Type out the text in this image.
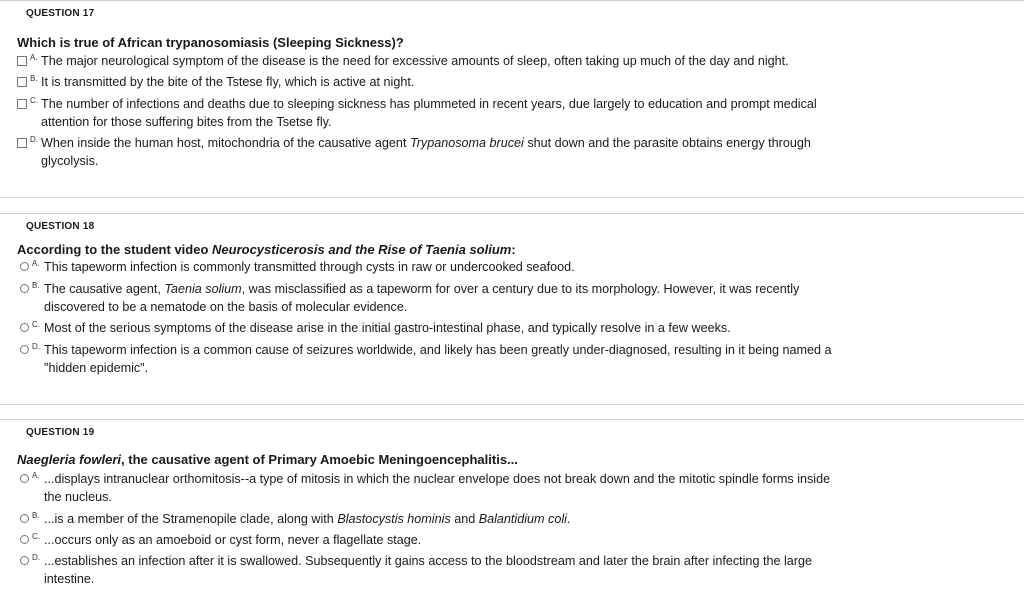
QUESTION 17
Which is true of African trypanosomiasis (Sleeping Sickness)?
A. The major neurological symptom of the disease is the need for excessive amounts of sleep, often taking up much of the day and night.
B. It is transmitted by the bite of the Tstese fly, which is active at night.
C. The number of infections and deaths due to sleeping sickness has plummeted in recent years, due largely to education and prompt medical
attention for those suffering bites from the Tsetse fly.
D. When inside the human host, mitochondria of the causative agent Trypanosoma brucei shut down and the parasite obtains energy through
glycolysis.
QUESTION 18
According to the student video Neurocysticerosis and the Rise of Taenia solium:
A. This tapeworm infection is commonly transmitted through cysts in raw or undercooked seafood.
B. The causative agent, Taenia solium, was misclassified as a tapeworm for over a century due to its morphology. However, it was recently
discovered to be a nematode on the basis of molecular evidence.
C. Most of the serious symptoms of the disease arise in the initial gastro-intestinal phase, and typically resolve in a few weeks.
D. This tapeworm infection is a common cause of seizures worldwide, and likely has been greatly under-diagnosed, resulting in it being named a
"hidden epidemic".
QUESTION 19
Naegleria fowleri, the causative agent of Primary Amoebic Meningoencephalitis...
A. ...displays intranuclear orthomitosis--a type of mitosis in which the nuclear envelope does not break down and the mitotic spindle forms inside
the nucleus.
B. ...is a member of the Stramenopile clade, along with Blastocystis hominis and Balantidium coli.
C. ...occurs only as an amoeboid or cyst form, never a flagellate stage.
D. ...establishes an infection after it is swallowed. Subsequently it gains access to the bloodstream and later the brain after infecting the large
intestine.
